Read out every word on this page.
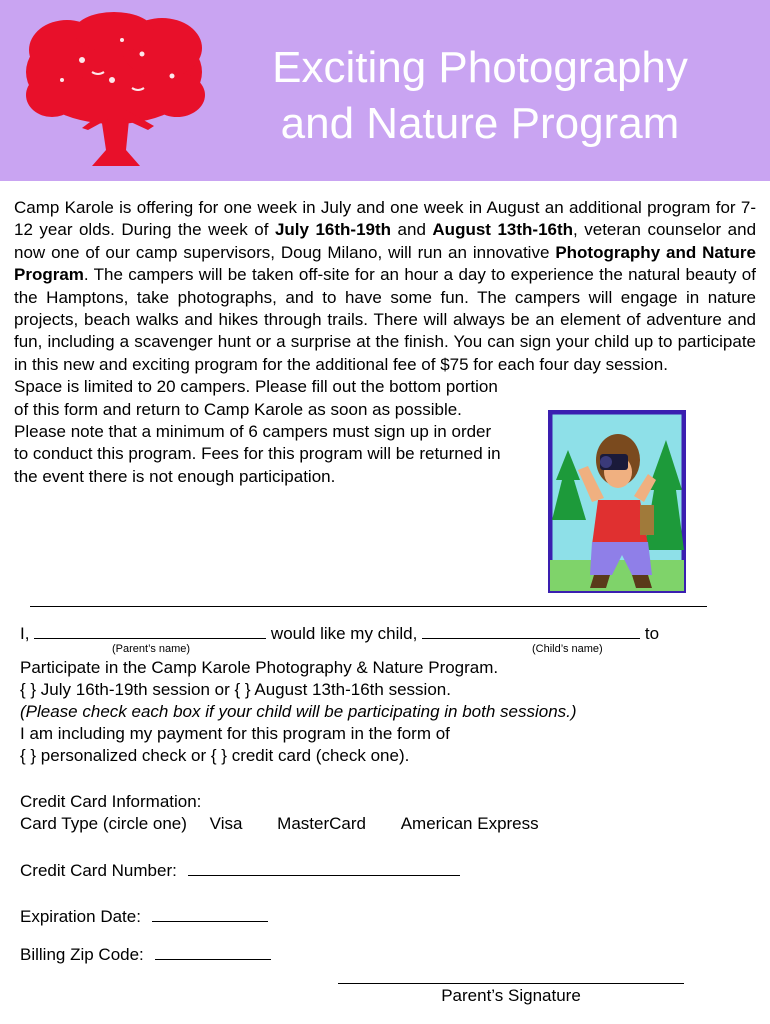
Exciting Photography
and Nature Program

Camp Karole is offering for one week in July and one week in August an additional program for 7-12 year olds. During the week of July 16th-19th and August 13th-16th, veteran counselor and now one of our camp supervisors, Doug Milano, will run an innovative Photography and Nature Program. The campers will be taken off-site for an hour a day to experience the natural beauty of the Hamptons, take photographs, and to have some fun. The campers will engage in nature projects, beach walks and hikes through trails. There will always be an element of adventure and fun, including a scavenger hunt or a surprise at the finish. You can sign your child up to participate in this new and exciting program for the additional fee of $75 for each four day session.

Space is limited to 20 campers. Please fill out the bottom portion of this form and return to Camp Karole as soon as possible. Please note that a minimum of 6 campers must sign up in order to conduct this program. Fees for this program will be returned in the event there is not enough participation.

I,	would like my child,	to
(Parent’s name)	(Child’s name)
Participate in the Camp Karole Photography & Nature Program.
{ } July 16th-19th session or { } August 13th-16th session.
(Please check each box if your child will be participating in both sessions.)
I am including my payment for this program in the form of
{ } personalized check or { } credit card (check one).
Credit Card Information:
Card Type (circle one) Visa MasterCard American Express
Credit Card Number:
Expiration Date:
Billing Zip Code:
Parent’s Signature
